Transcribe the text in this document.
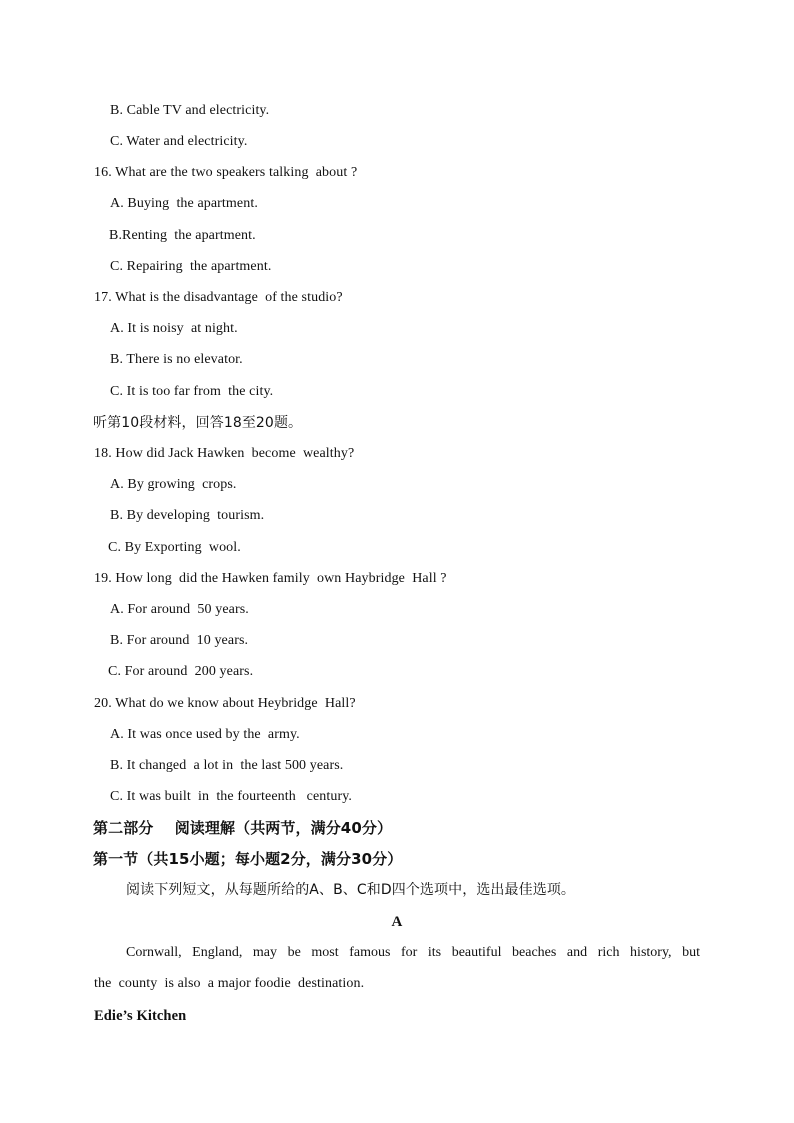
B. Cable TV and electricity.
C. Water and electricity.
16. What are the two speakers talking  about ?
A. Buying  the apartment.
B.Renting  the apartment.
C. Repairing  the apartment.
17. What is the disadvantage  of the studio?
A. It is noisy  at night.
B. There is no elevator.
C. It is too far from  the city.
听第10段材料，回答18至20题。
18. How did Jack Hawken  become  wealthy?
A. By growing  crops.
B. By developing  tourism.
C. By Exporting  wool.
19. How long  did the Hawken family  own Haybridge  Hall ?
A. For around  50 years.
B. For around  10 years.
C. For around  200 years.
20. What do we know about Heybridge  Hall?
A. It was once used by the  army.
B. It changed  a lot in  the last 500 years.
C. It was built  in  the fourteenth   century.
第二部分    阅读理解（共两节，满分40分）
第一节（共15小题；每小题2分，满分30分）
阅读下列短文，从每题所给的A、B、C和D四个选项中，选出最佳选项。
A
Cornwall, England, may be most famous for its beautiful beaches and rich history, but
the  county  is also  a major foodie  destination.
Edie’s Kitchen
